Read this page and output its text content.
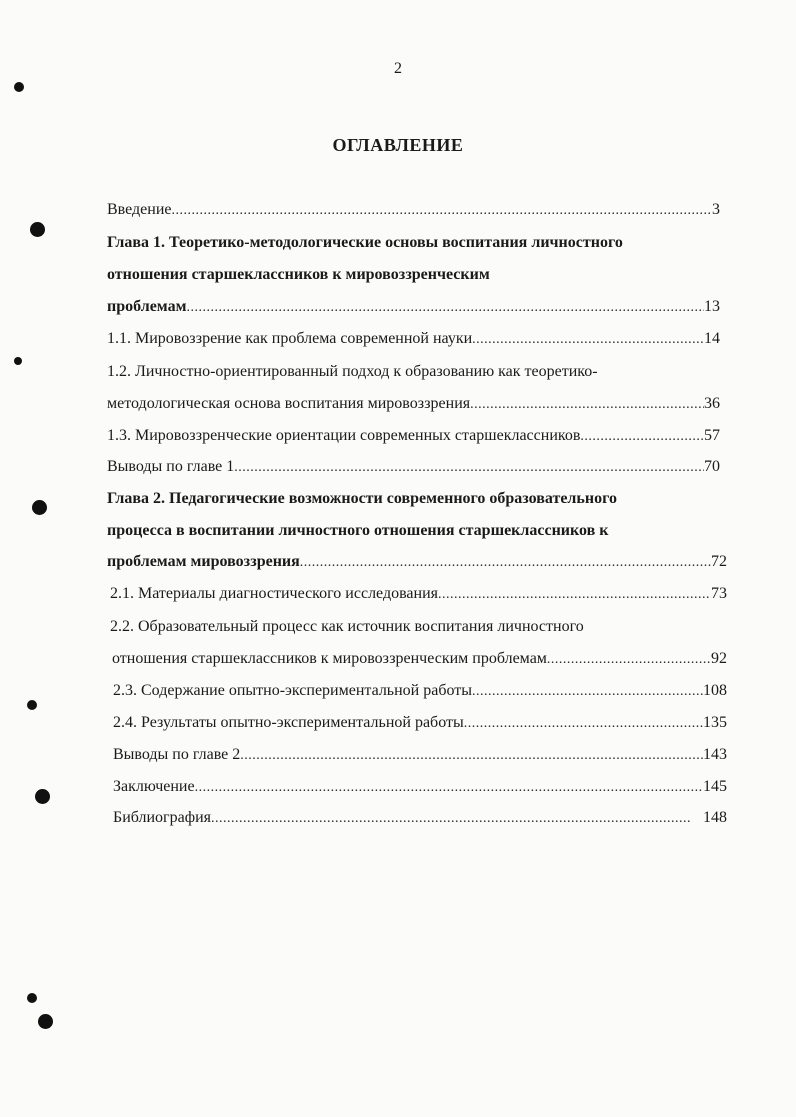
2
ОГЛАВЛЕНИЕ
Введение .....	3
Глава 1. Теоретико-методологические основы воспитания личностного
отношения старшеклассников к мировоззренческим
проблемам .....	13
1.1. Мировоззрение как проблема современной науки .....	14
1.2. Личностно-ориентированный подход к образованию как теоретико-
методологическая основа воспитания мировоззрения .....	36
1.3. Мировоззренческие ориентации современных старшеклассников .....	57
Выводы по главе 1 .....	70
Глава 2. Педагогические возможности современного образовательного
процесса в воспитании личностного отношения старшеклассников к
проблемам мировоззрения .....	72
2.1. Материалы диагностического исследования .....	73
2.2. Образовательный процесс как источник воспитания личностного
отношения старшеклассников к мировоззренческим проблемам .....	92
2.3. Содержание опытно-экспериментальной работы .....	108
2.4. Результаты опытно-экспериментальной работы .....	135
Выводы по главе 2 .....	143
Заключение .....	145
Библиография .....	148
